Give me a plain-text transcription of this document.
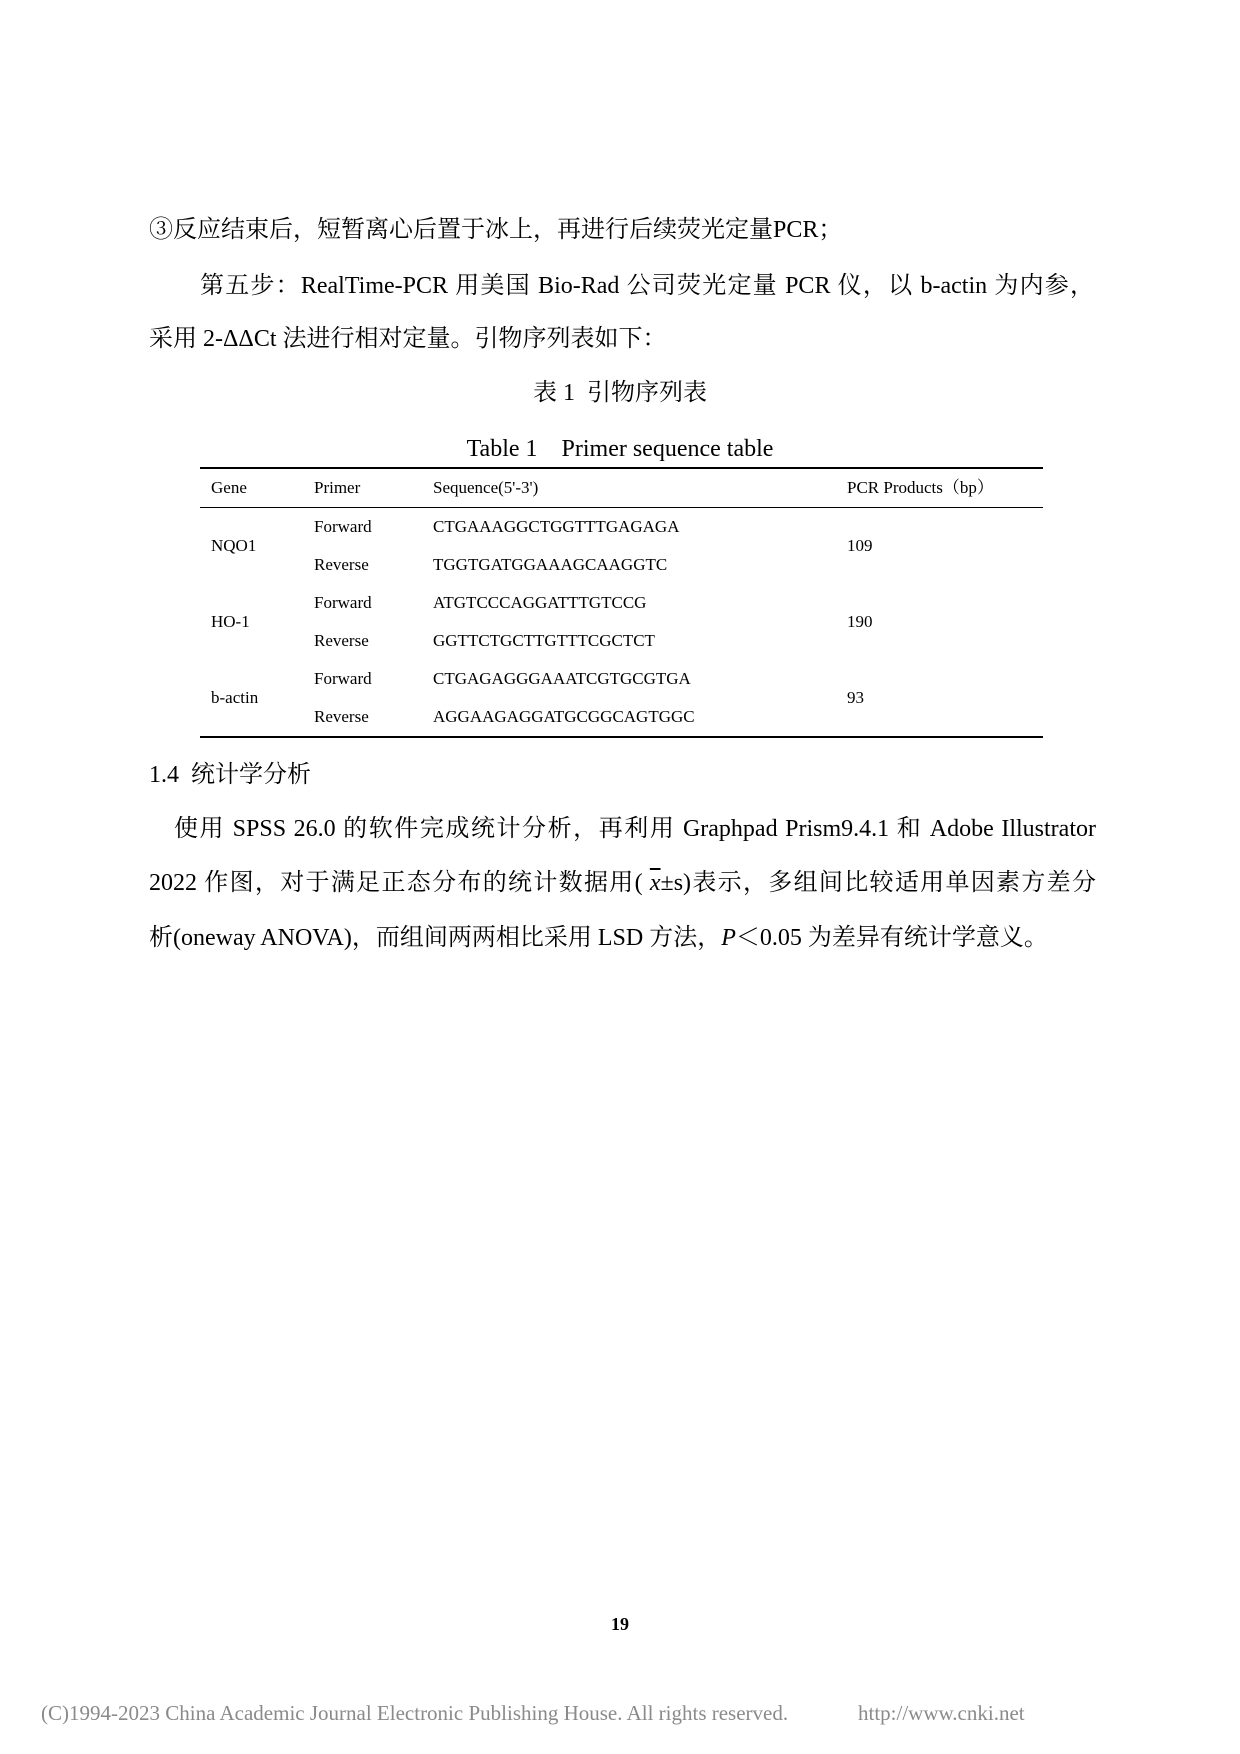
③反应结束后，短暂离心后置于冰上，再进行后续荧光定量PCR；
第五步：RealTime-PCR 用美国 Bio-Rad 公司荧光定量 PCR 仪，以 b-actin 为内参，
采用 2-ΔΔCt 法进行相对定量。引物序列表如下：
表 1  引物序列表
Table 1    Primer sequence table
Gene	Primer	Sequence(5'-3')	PCR Products（bp）
NQO1	Forward	CTGAAAGGCTGGTTTGAGAGA	109
	Reverse	TGGTGATGGAAAGCAAGGTC	
HO-1	Forward	ATGTCCCAGGATTTGTCCG	190
	Reverse	GGTTCTGCTTGTTTCGCTCT	
b-actin	Forward	CTGAGAGGGAAATCGTGCGTGA	93
	Reverse	AGGAAGAGGATGCGGCAGTGGC	
1.4  统计学分析
使用 SPSS 26.0 的软件完成统计分析，再利用 Graphpad Prism9.4.1 和 Adobe Illustrator
2022 作图，对于满足正态分布的统计数据用( $\overline{x}\pm s$)表示，多组间比较适用单因素方差分
析(oneway ANOVA)，而组间两两相比采用 LSD 方法，P＜0.05 为差异有统计学意义。
19
(C)1994-2023 China Academic Journal Electronic Publishing House. All rights reserved.	http://www.cnki.net
